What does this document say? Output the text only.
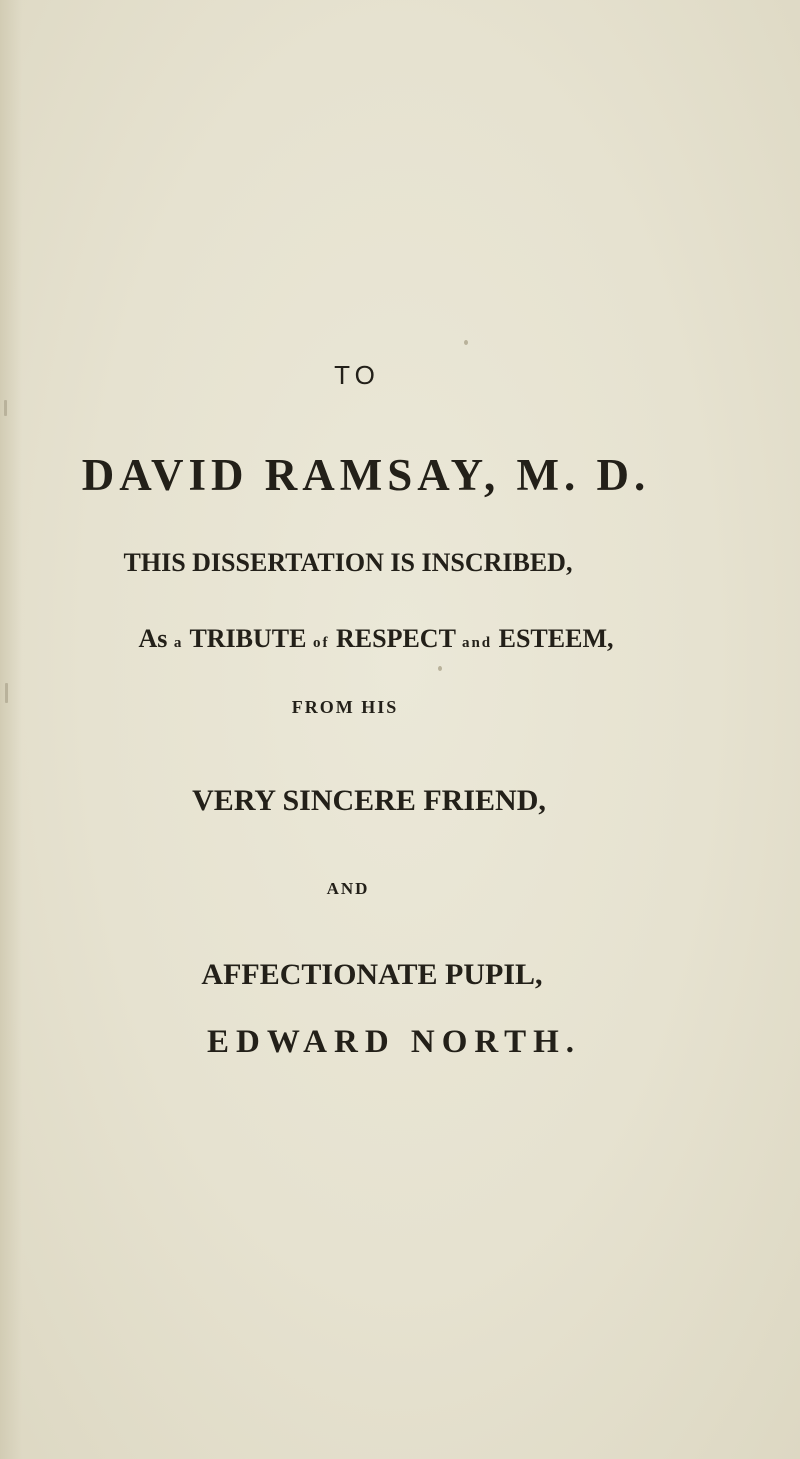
TO
DAVID RAMSAY, M. D.
THIS DISSERTATION IS INSCRIBED,
As a TRIBUTE of RESPECT and ESTEEM,
FROM HIS
VERY SINCERE FRIEND,
AND
AFFECTIONATE PUPIL,
EDWARD NORTH.
